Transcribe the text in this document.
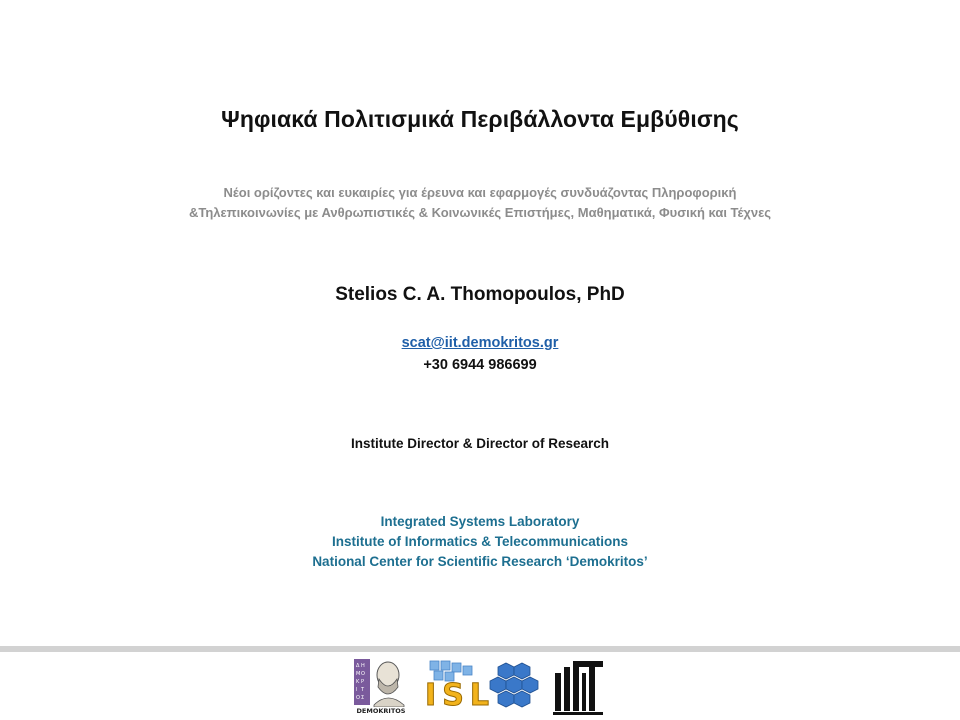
Ψηφιακά Πολιτισμικά Περιβάλλοντα Εμβύθισης
Νέοι ορίζοντες και ευκαιρίες για έρευνα και εφαρμογές συνδυάζοντας Πληροφορική
&Τηλεπικοινωνίες με Ανθρωπιστικές & Κοινωνικές Επιστήμες, Μαθηματικά, Φυσική και Τέχνες
Stelios C. A. Thomopoulos, PhD
scat@iit.demokritos.gr
+30 6944 986699
Institute Director & Director of Research
Integrated Systems Laboratory
Institute of Informatics & Telecommunications
National Center for Scientific Research ‘Demokritos’
Δ Η
Μ Ο
Κ Ρ
Ι Τ
Ο Σ
DEMOKRITOS ISL
